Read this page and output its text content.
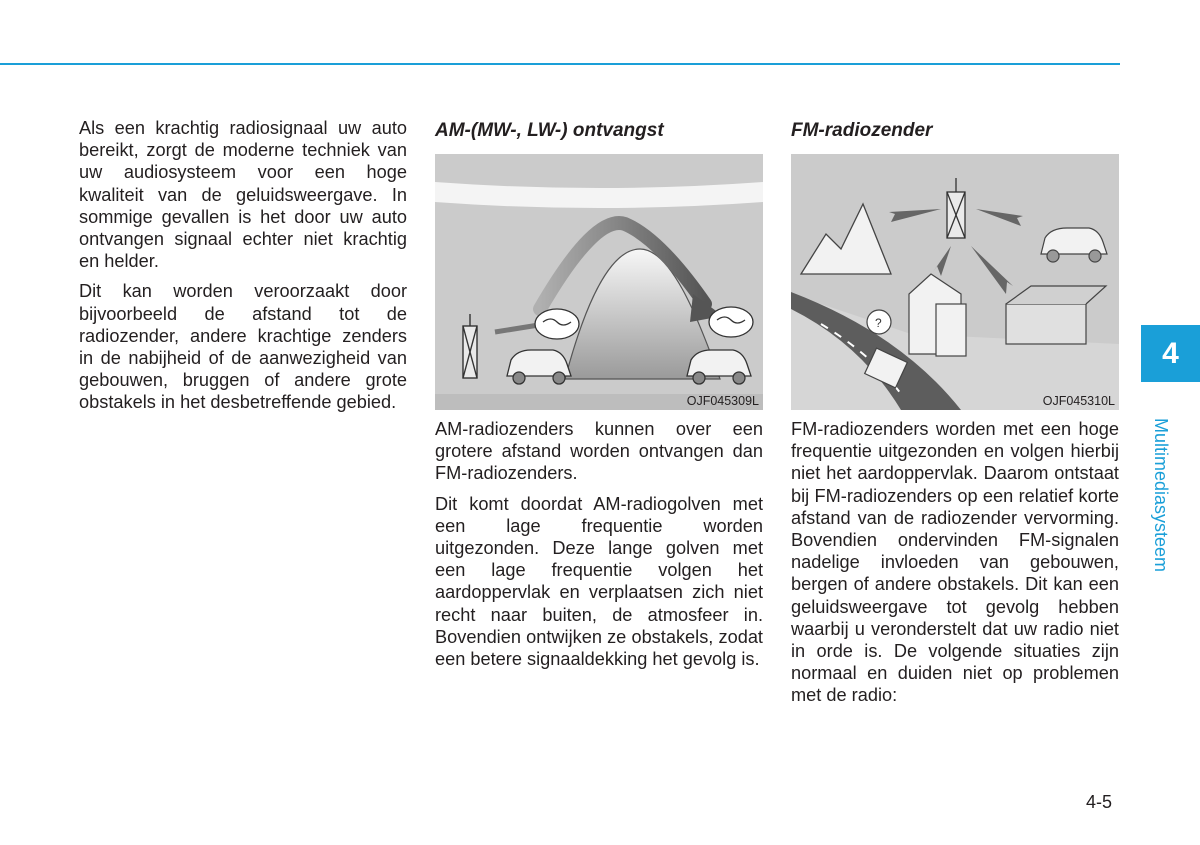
Als een krachtig radiosignaal uw auto bereikt, zorgt de moderne techniek van uw audiosysteem voor een hoge kwaliteit van de geluidsweergave. In sommige gevallen is het door uw auto ontvangen signaal echter niet krachtig en helder.

Dit kan worden veroorzaakt door bijvoorbeeld de afstand tot de radiozender, andere krachtige zenders in de nabijheid of de aanwezigheid van gebouwen, bruggen of andere grote obstakels in het desbetreffende gebied.

AM-(MW-, LW-) ontvangst
OJF045309L

AM-radiozenders kunnen over een grotere afstand worden ontvangen dan FM-radiozenders.

Dit komt doordat AM-radiogolven met een lage frequentie worden uitgezonden. Deze lange golven met een lage frequentie volgen het aardoppervlak en verplaatsen zich niet recht naar buiten, de atmosfeer in. Bovendien ontwijken ze obstakels, zodat een betere signaaldekking het gevolg is.

FM-radiozender
?
OJF045310L

FM-radiozenders worden met een hoge frequentie uitgezonden en volgen hierbij niet het aardoppervlak. Daarom ontstaat bij FM-radiozenders op een relatief korte afstand van de radiozender vervorming. Bovendien ondervinden FM-signalen nadelige invloeden van gebouwen, bergen of andere obstakels. Dit kan een geluidsweergave tot gevolg hebben waarbij u veronderstelt dat uw radio niet in orde is. De volgende situaties zijn normaal en duiden niet op problemen met de radio:

4
Multimediasysteem
4-5
